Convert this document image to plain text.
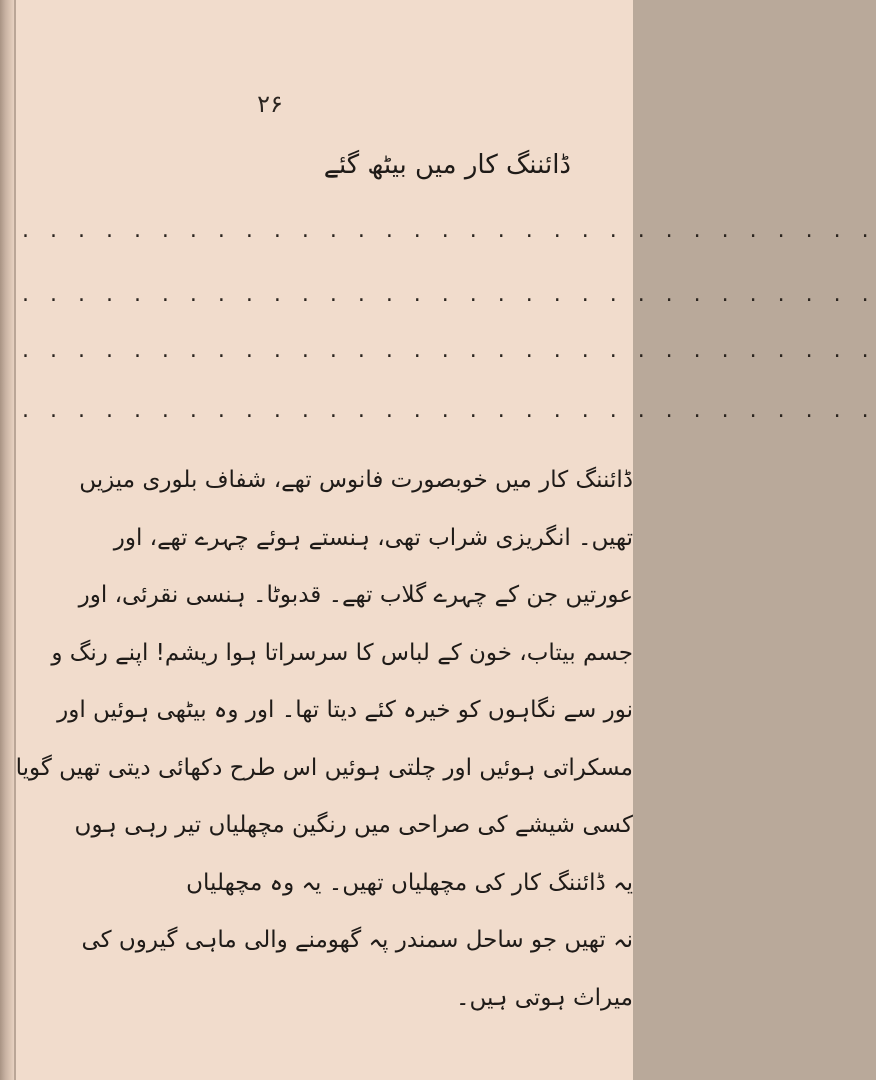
۲۶
ڈائننگ کار میں بیٹھ گئے
. . . . . . . . . . . . . . . . . . . . . . . . . . . . . . .
. . . . . . . . . . . . . . . . . . . . . . . . . . . . . . .
. . . . . . . . . . . . . . . . . . . . . . . . . . . . . . .
. . . . . . . . . . . . . . . . . . . . . . . . . . . . . . .
ڈائننگ کار میں خوبصورت فانوس تھے، شفاف بلوری میزیں
تھیں۔ انگریزی شراب تھی، ہنستے ہوئے چہرے تھے، اور
عورتیں جن کے چہرے گلاب تھے۔ قدبوٹا۔ ہنسی نقرئی، اور
جسم بیتاب، خون کے لباس کا سرسراتا ہوا ریشم! اپنے رنگ و
نور سے نگاہوں کو خیرہ کئے دیتا تھا۔ اور وہ بیٹھی ہوئیں اور
مسکراتی ہوئیں اور چلتی ہوئیں اس طرح دکھائی دیتی تھیں گویا
کسی شیشے کی صراحی میں رنگین مچھلیاں تیر رہی ہوں
یہ ڈائننگ کار کی مچھلیاں تھیں۔ یہ وہ مچھلیاں
نہ تھیں جو ساحل سمندر پہ گھومنے والی ماہی گیروں کی
میراث ہوتی ہیں۔
